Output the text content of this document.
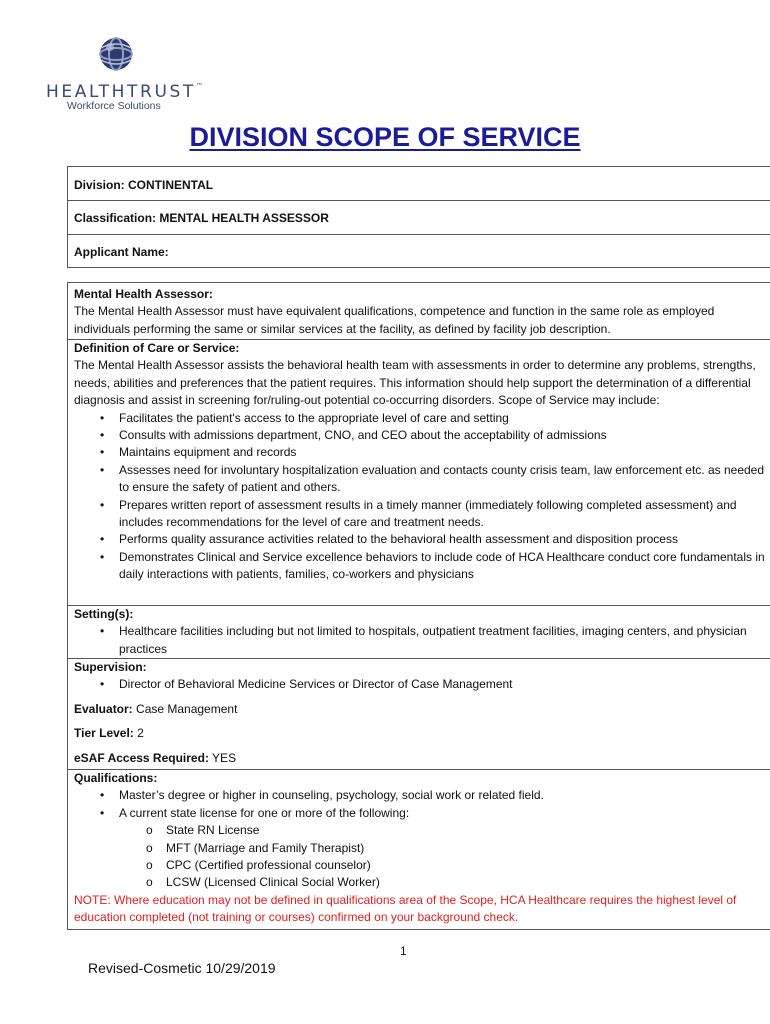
HEALTHTRUST™
Workforce Solutions
DIVISION SCOPE OF SERVICE
Division: CONTINENTAL
Classification: MENTAL HEALTH ASSESSOR
Applicant Name:
Mental Health Assessor:
The Mental Health Assessor must have equivalent qualifications, competence and function in the same role as employed individuals performing the same or similar services at the facility, as defined by facility job description.
Definition of Care or Service:
The Mental Health Assessor assists the behavioral health team with assessments in order to determine any problems, strengths, needs, abilities and preferences that the patient requires. This information should help support the determination of a differential diagnosis and assist in screening for/ruling-out potential co-occurring disorders. Scope of Service may include:
• Facilitates the patient's access to the appropriate level of care and setting
• Consults with admissions department, CNO, and CEO about the acceptability of admissions
• Maintains equipment and records
• Assesses need for involuntary hospitalization evaluation and contacts county crisis team, law enforcement etc. as needed to ensure the safety of patient and others.
• Prepares written report of assessment results in a timely manner (immediately following completed assessment) and includes recommendations for the level of care and treatment needs.
• Performs quality assurance activities related to the behavioral health assessment and disposition process
• Demonstrates Clinical and Service excellence behaviors to include code of HCA Healthcare conduct core fundamentals in daily interactions with patients, families, co-workers and physicians
Setting(s):
• Healthcare facilities including but not limited to hospitals, outpatient treatment facilities, imaging centers, and physician practices
Supervision:
• Director of Behavioral Medicine Services or Director of Case Management
Evaluator: Case Management
Tier Level: 2
eSAF Access Required: YES
Qualifications:
• Master’s degree or higher in counseling, psychology, social work or related field.
• A current state license for one or more of the following:
o State RN License
o MFT (Marriage and Family Therapist)
o CPC (Certified professional counselor)
o LCSW (Licensed Clinical Social Worker)
NOTE: Where education may not be defined in qualifications area of the Scope, HCA Healthcare requires the highest level of education completed (not training or courses) confirmed on your background check.
1
Revised-Cosmetic 10/29/2019
